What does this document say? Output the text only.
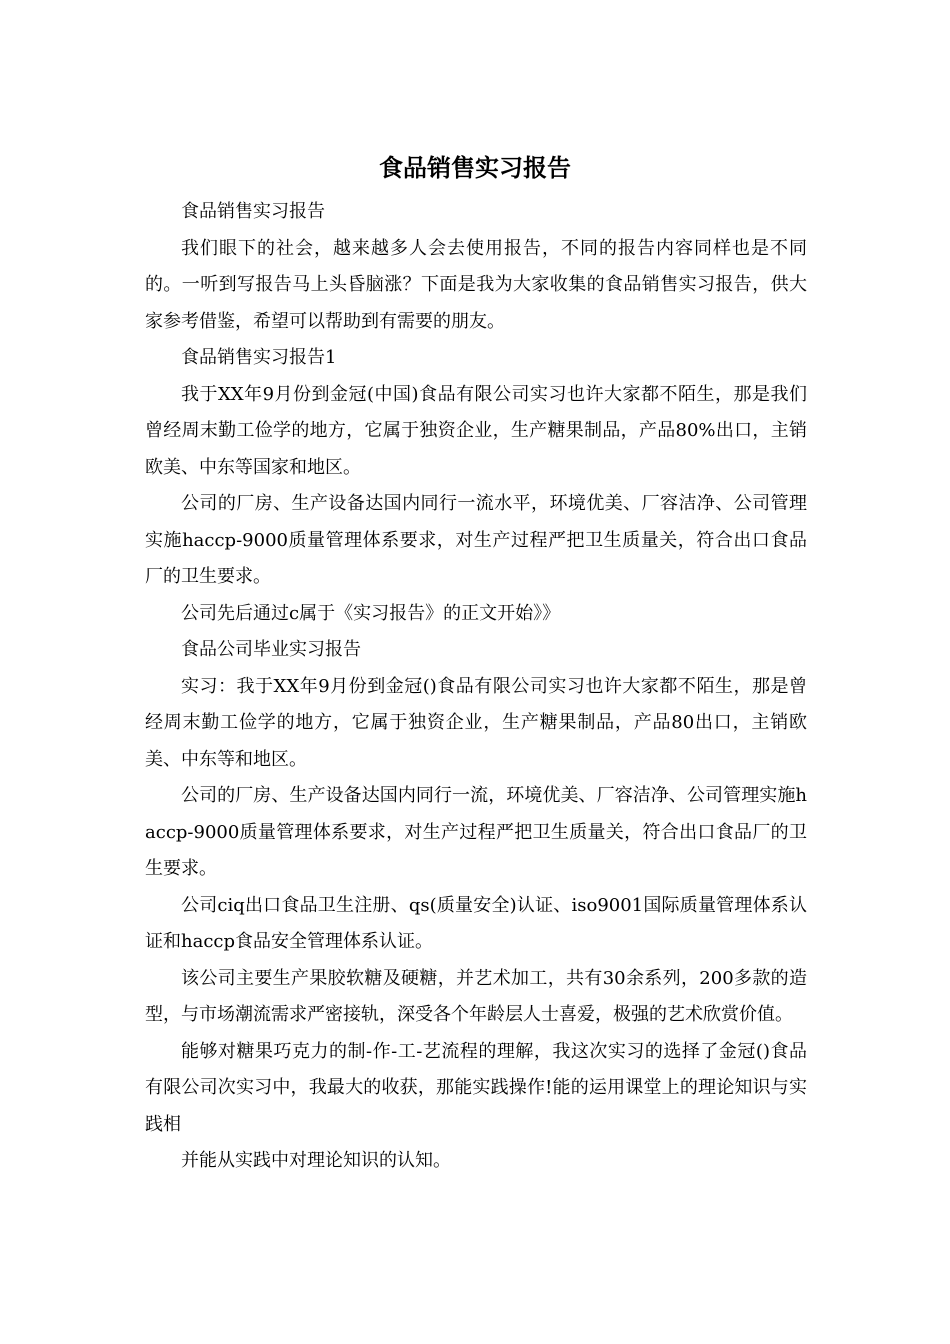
食品销售实习报告

食品销售实习报告

我们眼下的社会，越来越多人会去使用报告，不同的报告内容同样也是不同的。一听到写报告马上头昏脑涨？下面是我为大家收集的食品销售实习报告，供大家参考借鉴，希望可以帮助到有需要的朋友。

食品销售实习报告1

我于XX年9月份到金冠(中国)食品有限公司实习也许大家都不陌生，那是我们曾经周末勤工俭学的地方，它属于独资企业，生产糖果制品，产品80%出口，主销欧美、中东等国家和地区。

公司的厂房、生产设备达国内同行一流水平，环境优美、厂容洁净、公司管理实施haccp-9000质量管理体系要求，对生产过程严把卫生质量关，符合出口食品厂的卫生要求。

公司先后通过c属于《实习报告》的正文开始》》

食品公司毕业实习报告

实习：我于XX年9月份到金冠()食品有限公司实习也许大家都不陌生，那是曾经周末勤工俭学的地方，它属于独资企业，生产糖果制品，产品80出口，主销欧美、中东等和地区。

公司的厂房、生产设备达国内同行一流，环境优美、厂容洁净、公司管理实施haccp-9000质量管理体系要求，对生产过程严把卫生质量关，符合出口食品厂的卫生要求。

公司ciq出口食品卫生注册、qs(质量安全)认证、iso9001国际质量管理体系认证和haccp食品安全管理体系认证。

该公司主要生产果胶软糖及硬糖，并艺术加工，共有30余系列，200多款的造型，与市场潮流需求严密接轨，深受各个年龄层人士喜爱，极强的艺术欣赏价值。

能够对糖果巧克力的制-作-工-艺流程的理解，我这次实习的选择了金冠()食品有限公司次实习中，我最大的收获，那能实践操作!能的运用课堂上的理论知识与实践相

并能从实践中对理论知识的认知。
